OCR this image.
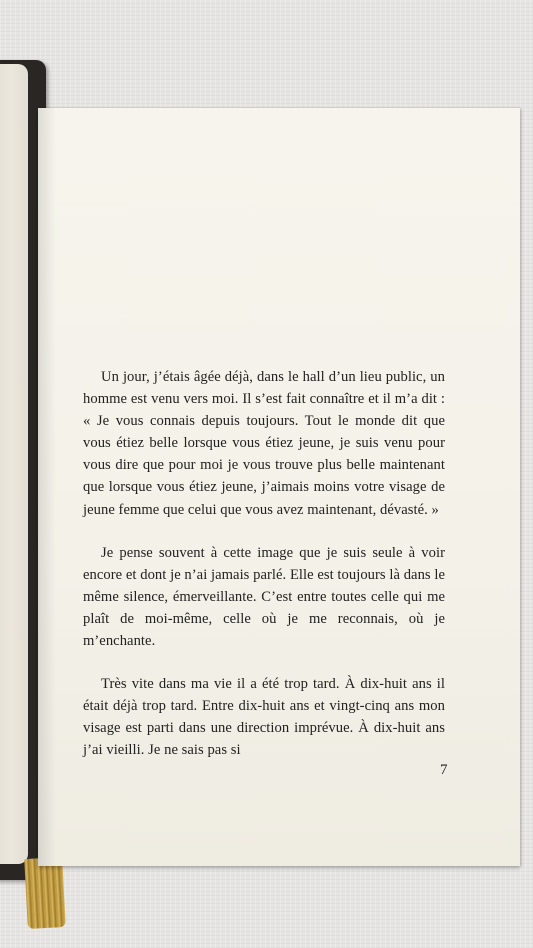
Un jour, j’étais âgée déjà, dans le hall d’un lieu public, un homme est venu vers moi. Il s’est fait connaître et il m’a dit : « Je vous connais depuis toujours. Tout le monde dit que vous étiez belle lorsque vous étiez jeune, je suis venu pour vous dire que pour moi je vous trouve plus belle maintenant que lorsque vous étiez jeune, j’aimais moins votre visage de jeune femme que celui que vous avez maintenant, dévasté. »

Je pense souvent à cette image que je suis seule à voir encore et dont je n’ai jamais parlé. Elle est toujours là dans le même silence, émerveillante. C’est entre toutes celle qui me plaît de moi-même, celle où je me reconnais, où je m’enchante.

Très vite dans ma vie il a été trop tard. À dix-huit ans il était déjà trop tard. Entre dix-huit ans et vingt-cinq ans mon visage est parti dans une direction imprévue. À dix-huit ans j’ai vieilli. Je ne sais pas si

7
